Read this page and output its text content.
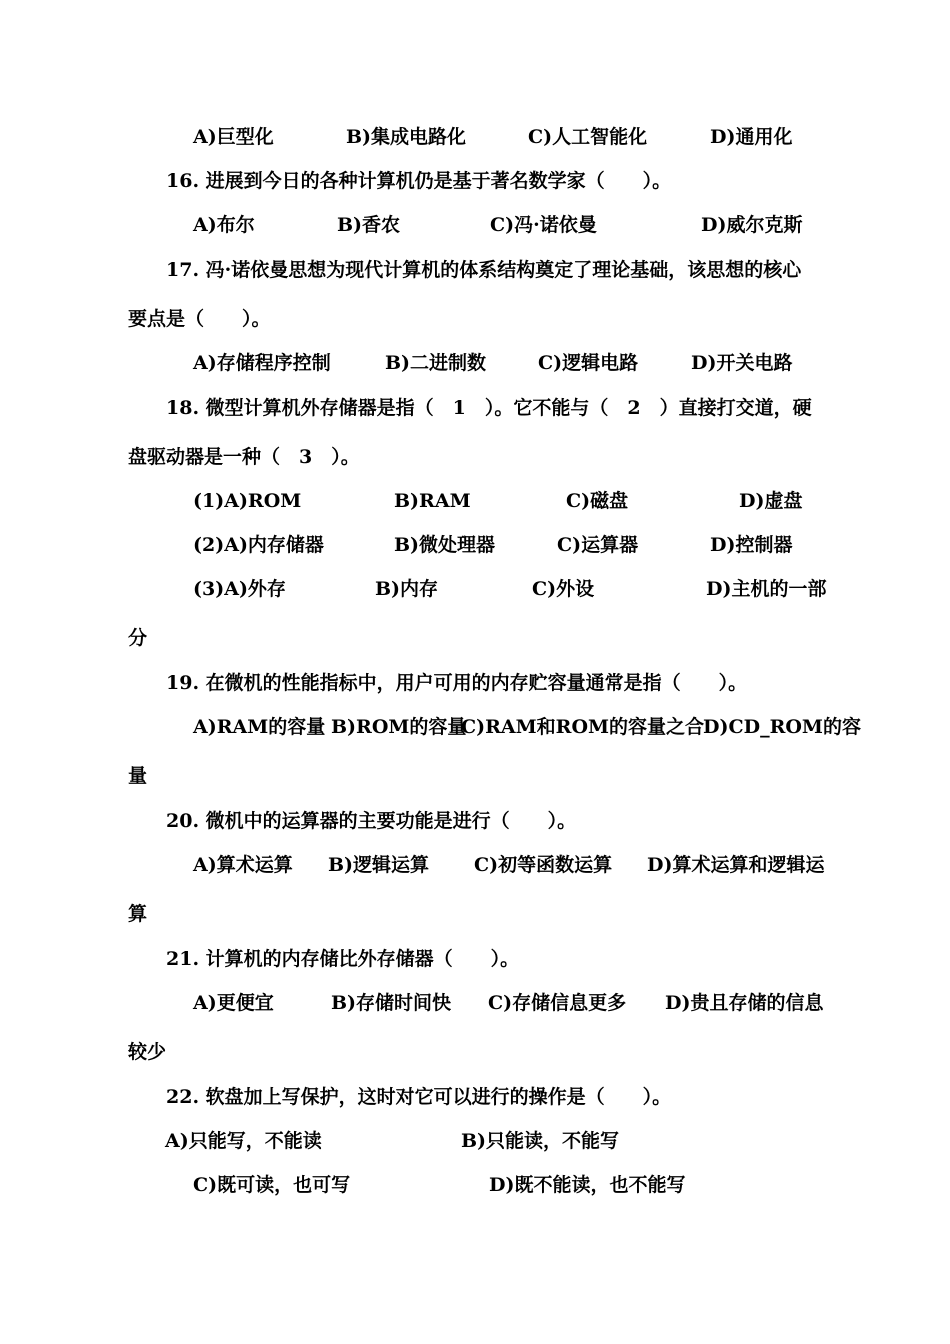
A)巨型化	B)集成电路化	C)人工智能化	D)通用化
16. 进展到今日的各种计算机仍是基于著名数学家（　　）。
A)布尔	B)香农	C)冯·诺依曼	D)威尔克斯
17. 冯·诺依曼思想为现代计算机的体系结构奠定了理论基础，该思想的核心
要点是（　　）。
A)存储程序控制	B)二进制数	C)逻辑电路	D)开关电路
18. 微型计算机外存储器是指（　1　）。它不能与（　2　）直接打交道，硬
盘驱动器是一种（　3　）。
(1)A)ROM	B)RAM	C)磁盘	D)虚盘
(2)A)内存储器	B)微处理器	C)运算器	D)控制器
(3)A)外存	B)内存	C)外设	D)主机的一部
分
19. 在微机的性能指标中，用户可用的内存贮容量通常是指（　　）。
A)RAM的容量 B)ROM的容量
C)RAM和ROM的容量之合
D)CD_ROM的容
量
20. 微机中的运算器的主要功能是进行（　　）。
A)算术运算 B)逻辑运算 C)初等函数运算 D)算术运算和逻辑运
算
21. 计算机的内存储比外存储器（　　）。
A)更便宜	B)存储时间快 C)存储信息更多 D)贵且存储的信息
较少
22. 软盘加上写保护，这时对它可以进行的操作是（　　）。
A)只能写，不能读	B)只能读，不能写
C)既可读，也可写	D)既不能读，也不能写
